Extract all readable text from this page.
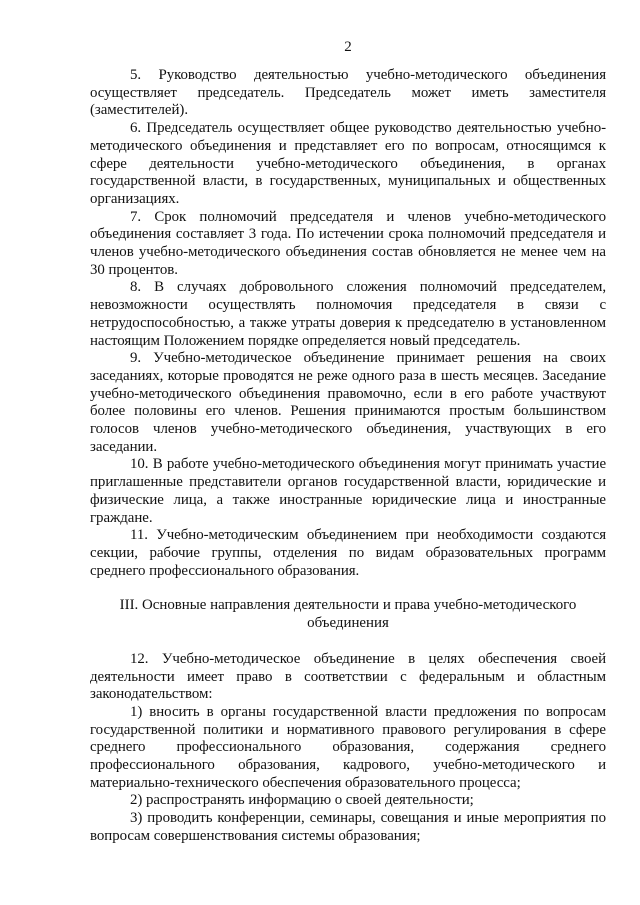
2

5. Руководство деятельностью учебно-методического объединения осуществляет председатель. Председатель может иметь заместителя (заместителей).

6. Председатель осуществляет общее руководство деятельностью учебно-методического объединения и представляет его по вопросам, относящимся к сфере деятельности учебно-методического объединения, в органах государственной власти, в государственных, муниципальных и общественных организациях.

7. Срок полномочий председателя и членов учебно-методического объединения составляет 3 года. По истечении срока полномочий председателя и членов учебно-методического объединения состав обновляется не менее чем на 30 процентов.

8. В случаях добровольного сложения полномочий председателем, невозможности осуществлять полномочия председателя в связи с нетрудоспособностью, а также утраты доверия к председателю в установленном настоящим Положением порядке определяется новый председатель.

9. Учебно-методическое объединение принимает решения на своих заседаниях, которые проводятся не реже одного раза в шесть месяцев. Заседание учебно-методического объединения правомочно, если в его работе участвуют более половины его членов. Решения принимаются простым большинством голосов членов учебно-методического объединения, участвующих в его заседании.

10. В работе учебно-методического объединения могут принимать участие приглашенные представители органов государственной власти, юридические и физические лица, а также иностранные юридические лица и иностранные граждане.

11. Учебно-методическим объединением при необходимости создаются секции, рабочие группы, отделения по видам образовательных программ среднего профессионального образования.

III. Основные направления деятельности и права учебно-методического объединения

12. Учебно-методическое объединение в целях обеспечения своей деятельности имеет право в соответствии с федеральным и областным законодательством:

1) вносить в органы государственной власти предложения по вопросам государственной политики и нормативного правового регулирования в сфере среднего профессионального образования, содержания среднего профессионального образования, кадрового, учебно-методического и материально-технического обеспечения образовательного процесса;

2) распространять информацию о своей деятельности;

3) проводить конференции, семинары, совещания и иные мероприятия по вопросам совершенствования системы образования;
